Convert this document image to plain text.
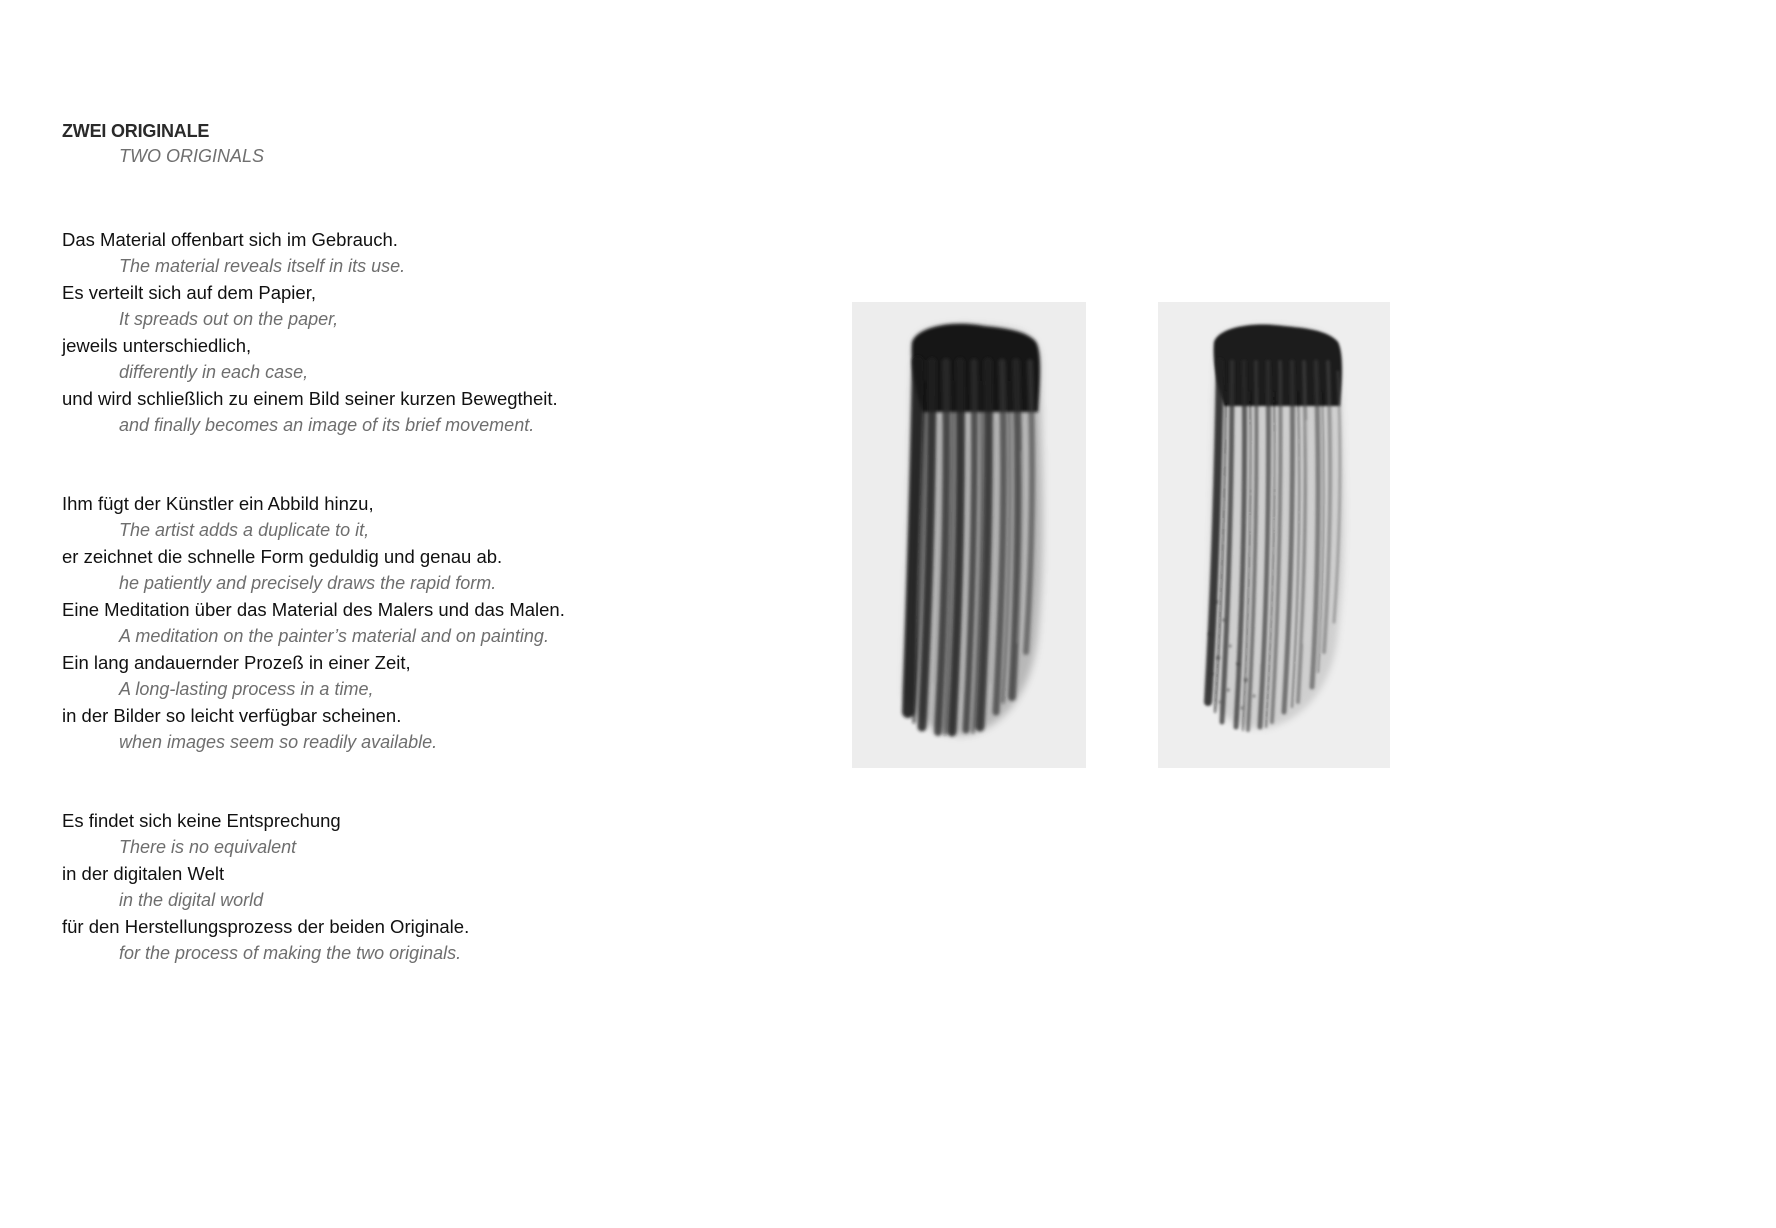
ZWEI ORIGINALE
TWO ORIGINALS
Das Material offenbart sich im Gebrauch.
The material reveals itself in its use.
Es verteilt sich auf dem Papier,
It spreads out on the paper,
jeweils unterschiedlich,
differently in each case,
und wird schließlich zu einem Bild seiner kurzen Bewegtheit.
and finally becomes an image of its brief movement.
Ihm fügt der Künstler ein Abbild hinzu,
The artist adds a duplicate to it,
er zeichnet die schnelle Form geduldig und genau ab.
he patiently and precisely draws the rapid form.
Eine Meditation über das Material des Malers und das Malen.
A meditation on the painter’s material and on painting.
Ein lang andauernder Prozeß in einer Zeit,
A long-lasting process in a time,
in der Bilder so leicht verfügbar scheinen.
when images seem so readily available.
Es findet sich keine Entsprechung
There is no equivalent
in der digitalen Welt
in the digital world
für den Herstellungsprozess der beiden Originale.
for the process of making the two originals.
